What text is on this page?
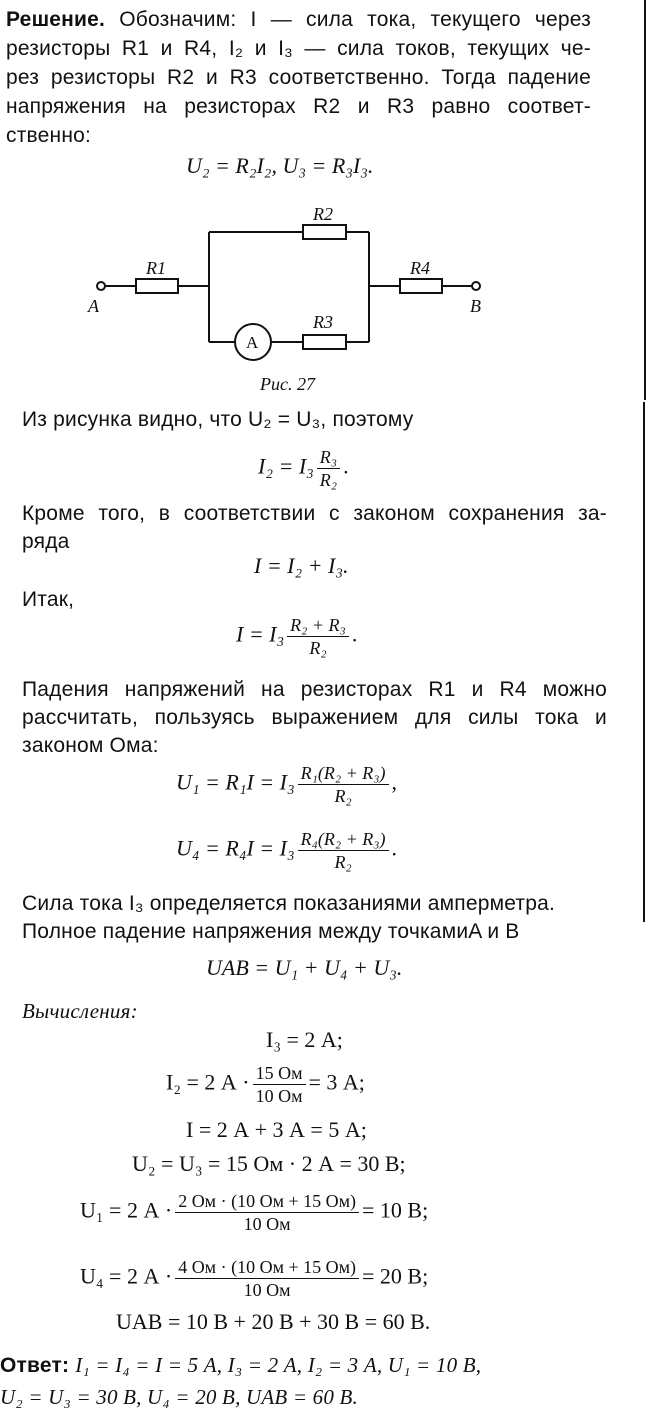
Решение. Обозначим: I — сила тока, текущего через
резисторы R1 и R4, I₂ и I₃ — сила токов, текущих че-
рез резисторы R2 и R3 соответственно. Тогда падение
напряжения на резисторах R2 и R3 равно соответ-
ственно:
U₂ = R₂I₂, U₃ = R₃I₃.
R1
R2
R3
R4
A	B
A
Рис. 27
Из рисунка видно, что U₂ = U₃, поэтому
$I_2 = I_3 \frac{\text{R₃}}{\text{R₂}}$ .
Кроме того, в соответствии с законом сохранения за-
ряда
I = I₂ + I₃.
Итак,
$I = I_3 \frac{\text{R₂ + R₃}}{\text{R₂}}$ .
Падения напряжений на резисторах R1 и R4 можно
рассчитать, пользуясь выражением для силы тока и
законом Ома:
$U_1 = R_1I = I_3 \frac{\text{R₁(R₂ + R₃)}}{\text{R₂}}$ ,
$U_4 = R_4I = I_3 \frac{\text{R₄(R₂ + R₃)}}{\text{R₂}}$ .
Сила тока I₃ определяется показаниями амперметра.
Полное падение напряжения между точкамиA и B
UAB = U₁ + U₄ + U₃.
Вычисления:
I₃ = 2 А;
I₂ = 2 $А \cdot \frac{15 Ом}{10 Ом} = 3$ А;
I = 2 А + 3 А = 5 А;
U₂ = U₃ = 15 Ом · 2 А = 30 В;
U₁ = 2 $А \cdot \frac{2 Ом \cdot (10 Ом + 15 Ом)}{10 Ом} = 10$ В;
U₄ = 2 $А \cdot \frac{4 Ом \cdot (10 Ом + 15 Ом)}{10 Ом} = 20$ В;
UAB = 10 В + 20 В + 30 В = 60 В.
Ответ: I₁ = I₄ = I = 5 А, I₃ = 2 А, I₂ = 3 А, U₁ = 10 В,
U₂ = U₃ = 30 В, U₄ = 20 В, UAB = 60 В.
